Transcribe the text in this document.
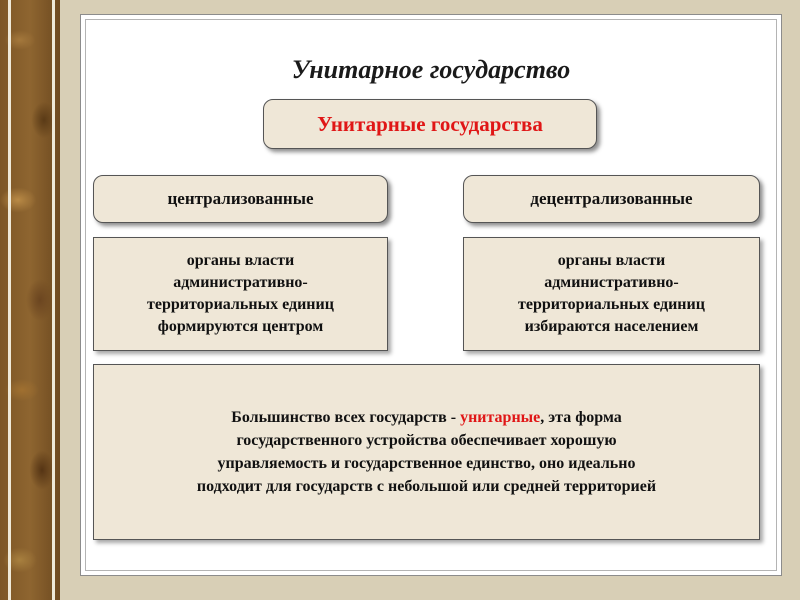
Унитарное государство
Унитарные государства
централизованные	децентрализованные
органы власти
административно-
территориальных единиц
формируются центром
органы власти
административно-
территориальных единиц
избираются населением
Большинство всех государств - унитарные, эта форма
государственного устройства обеспечивает хорошую
управляемость и государственное единство, оно идеально
подходит для государств с небольшой или средней территорией
